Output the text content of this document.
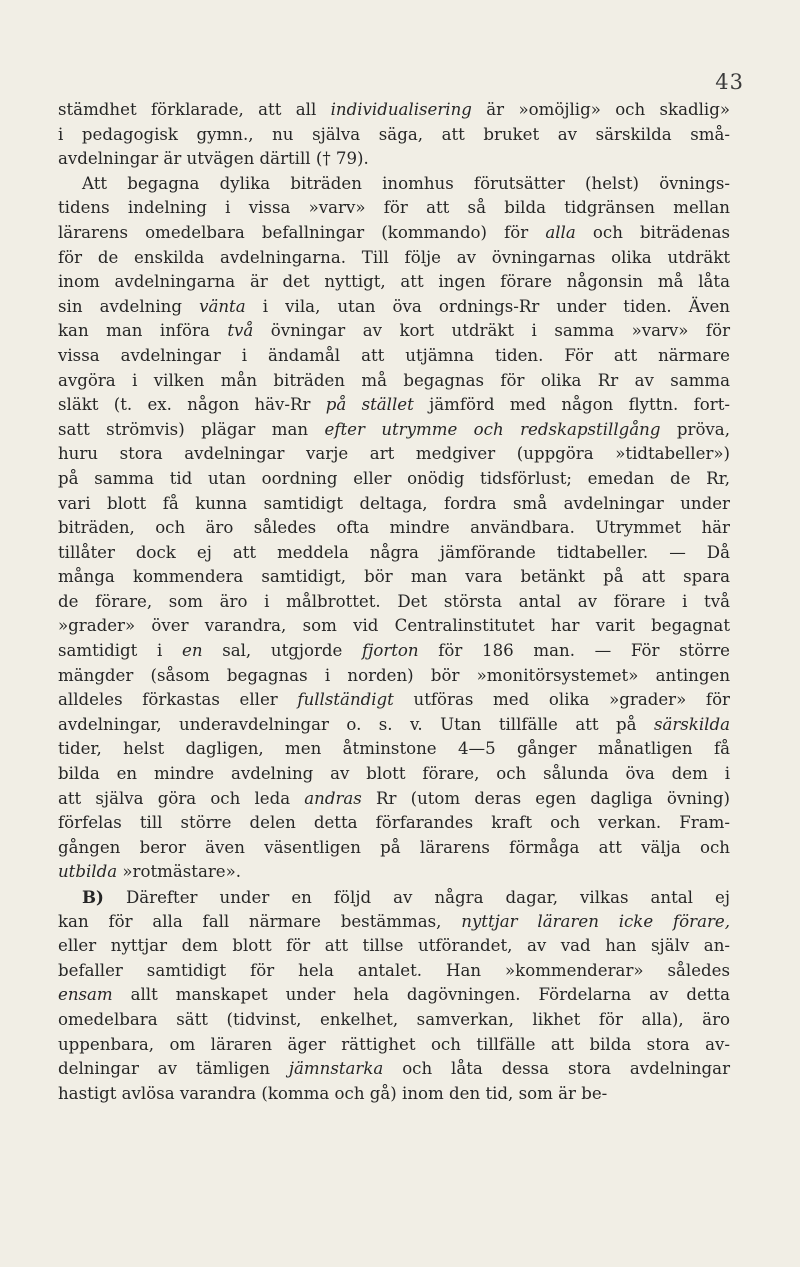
43
stämdhet förklarade, att all individualisering är »omöjlig» och skadlig»
i pedagogisk gymn., nu själva säga, att bruket av särskilda små-
avdelningar är utvägen därtill († 79).
Att begagna dylika biträden inomhus förutsätter (helst) övnings-
tidens indelning i vissa »varv» för att så bilda tidgränsen mellan
lärarens omedelbara befallningar (kommando) för alla och biträdenas
för de enskilda avdelningarna. Till följe av övningarnas olika utdräkt
inom avdelningarna är det nyttigt, att ingen förare någonsin må låta
sin avdelning vänta i vila, utan öva ordnings-Rr under tiden. Även
kan man införa två övningar av kort utdräkt i samma »varv» för
vissa avdelningar i ändamål att utjämna tiden. För att närmare
avgöra i vilken mån biträden må begagnas för olika Rr av samma
släkt (t. ex. någon häv-Rr på stället jämförd med någon flyttn. fort-
satt strömvis) plägar man efter utrymme och redskapstillgång pröva,
huru stora avdelningar varje art medgiver (uppgöra »tidtabeller»)
på samma tid utan oordning eller onödig tidsförlust; emedan de Rr,
vari blott få kunna samtidigt deltaga, fordra små avdelningar under
biträden, och äro således ofta mindre användbara. Utrymmet här
tillåter dock ej att meddela några jämförande tidtabeller. — Då
många kommendera samtidigt, bör man vara betänkt på att spara
de förare, som äro i målbrottet. Det största antal av förare i två
»grader» över varandra, som vid Centralinstitutet har varit begagnat
samtidigt i en sal, utgjorde fjorton för 186 man. — För större
mängder (såsom begagnas i norden) bör »monitörsystemet» antingen
alldeles förkastas eller fullständigt utföras med olika »grader» för
avdelningar, underavdelningar o. s. v. Utan tillfälle att på särskilda
tider, helst dagligen, men åtminstone 4—5 gånger månatligen få
bilda en mindre avdelning av blott förare, och sålunda öva dem i
att själva göra och leda andras Rr (utom deras egen dagliga övning)
förfelas till större delen detta förfarandes kraft och verkan. Fram-
gången beror även väsentligen på lärarens förmåga att välja och
utbilda »rotmästare».
B) Därefter under en följd av några dagar, vilkas antal ej
kan för alla fall närmare bestämmas, nyttjar läraren icke förare,
eller nyttjar dem blott för att tillse utförandet, av vad han själv an-
befaller samtidigt för hela antalet. Han »kommenderar» således
ensam allt manskapet under hela dagövningen. Fördelarna av detta
omedelbara sätt (tidvinst, enkelhet, samverkan, likhet för alla), äro
uppenbara, om läraren äger rättighet och tillfälle att bilda stora av-
delningar av tämligen jämnstarka och låta dessa stora avdelningar
hastigt avlösa varandra (komma och gå) inom den tid, som är be-
